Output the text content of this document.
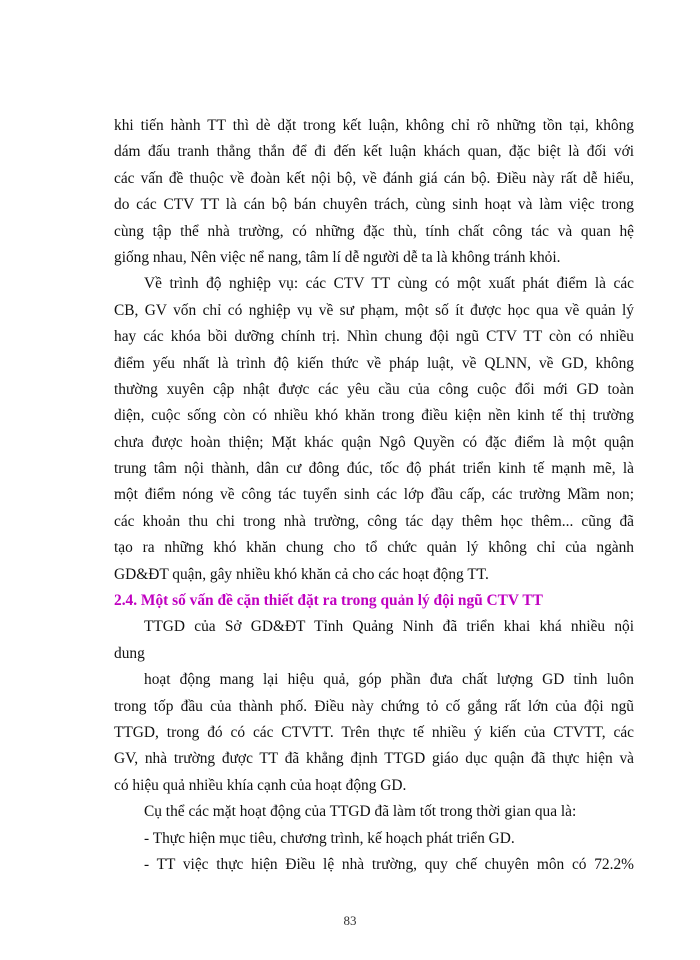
khi tiến hành TT thì dè dặt trong kết luận, không chỉ rõ những tồn tại, không
dám đấu tranh thẳng thắn để đi đến kết luận khách quan, đặc biệt là đối với
các vấn đề thuộc về đoàn kết nội bộ, về đánh giá cán bộ. Điều này rất dễ hiểu,
do các CTV TT là cán bộ bán chuyên trách, cùng sinh hoạt và làm việc trong
cùng tập thể nhà trường, có những đặc thù, tính chất công tác và quan hệ
giống nhau, Nên việc nể nang, tâm lí dễ người dễ ta là không tránh khỏi.
Về trình độ nghiệp vụ: các CTV TT cùng có một xuất phát điểm là các
CB, GV vốn chỉ có nghiệp vụ về sư phạm, một số ít được học qua về quản lý
hay các khóa bồi dưỡng chính trị. Nhìn chung đội ngũ CTV TT còn có nhiều
điểm yếu nhất là trình độ kiến thức về pháp luật, về QLNN, về GD, không
thường xuyên cập nhật được các yêu cầu của công cuộc đổi mới GD toàn
diện, cuộc sống còn có nhiều khó khăn trong điều kiện nền kinh tế thị trường
chưa được hoàn thiện; Mặt khác quận Ngô Quyền có đặc điểm là một quận
trung tâm nội thành, dân cư đông đúc, tốc độ phát triển kinh tế mạnh mẽ, là
một điểm nóng về công tác tuyển sinh các lớp đầu cấp, các trường Mầm non;
các khoản thu chi trong nhà trường, công tác dạy thêm học thêm... cũng đã
tạo ra những khó khăn chung cho tổ chức quản lý không chỉ của ngành
GD&ĐT quận, gây nhiều khó khăn cả cho các hoạt động TT.
2.4. Một số vấn đề cặn thiết đặt ra trong quản lý đội ngũ CTV TT
TTGD của Sở GD&ĐT Tỉnh Quảng Ninh đã triển khai khá nhiều nội
dung
hoạt động mang lại hiệu quả, góp phần đưa chất lượng GD tỉnh luôn
trong tốp đầu của thành phố. Điều này chứng tỏ cố gắng rất lớn của đội ngũ
TTGD, trong đó có các CTVTT. Trên thực tế nhiều ý kiến của CTVTT, các
GV, nhà trường được TT đã khẳng định TTGD giáo dục quận đã thực hiện và
có hiệu quả nhiều khía cạnh của hoạt động GD.
Cụ thể các mặt hoạt động của TTGD đã làm tốt trong thời gian qua là:
- Thực hiện mục tiêu, chương trình, kế hoạch phát triển GD.
- TT việc thực hiện Điều lệ nhà trường, quy chế chuyên môn có 72.2%
83
